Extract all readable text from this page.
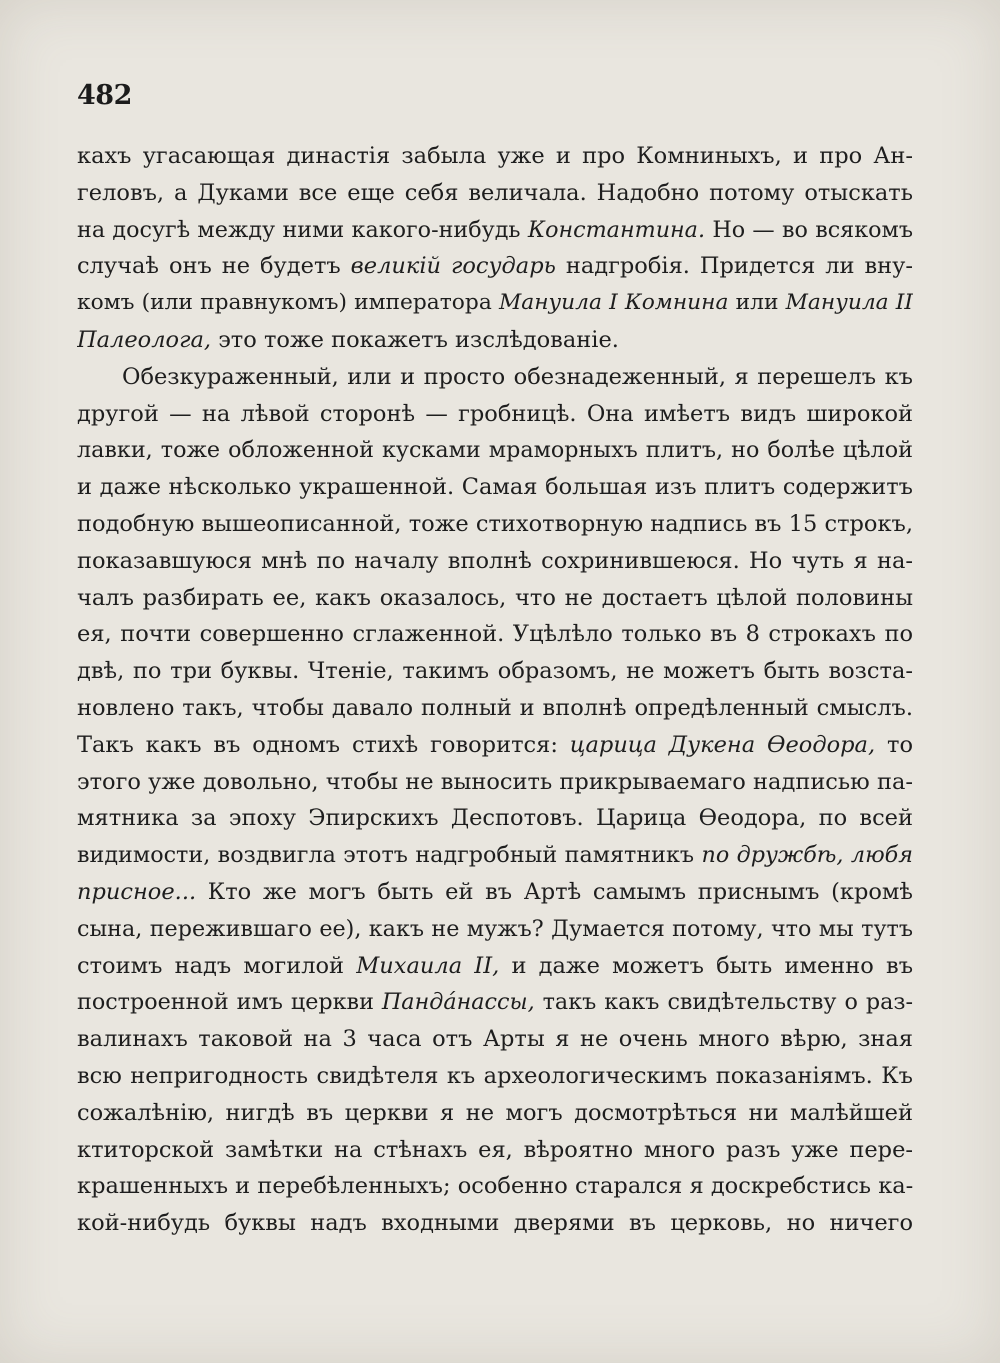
482
кахъ угасающая династія забыла уже и про Комниныхъ, и про Ан-
геловъ, а Дуками все еще себя величала. Надобно потому отыскать
на досугѣ между ними какого-нибудь Константина. Но — во всякомъ
случаѣ онъ не будетъ великій государь надгробія. Придется ли вну-
комъ (или правнукомъ) императора Мануила I Комнина или Мануила II
Палеолога, это тоже покажетъ изслѣдованіе.
Обезкураженный, или и просто обезнадеженный, я перешелъ къ
другой — на лѣвой сторонѣ — гробницѣ. Она имѣетъ видъ широкой
лавки, тоже обложенной кусками мраморныхъ плитъ, но болѣе цѣлой
и даже нѣсколько украшенной. Самая большая изъ плитъ содержитъ
подобную вышеописанной, тоже стихотворную надпись въ 15 строкъ,
показавшуюся мнѣ по началу вполнѣ сохринившеюся. Но чуть я на-
чалъ разбирать ее, какъ оказалось, что не достаетъ цѣлой половины
ея, почти совершенно сглаженной. Уцѣлѣло только въ 8 строкахъ по
двѣ, по три буквы. Чтеніе, такимъ образомъ, не можетъ быть возста-
новлено такъ, чтобы давало полный и вполнѣ опредѣленный смыслъ.
Такъ какъ въ одномъ стихѣ говорится: царица Дукена Ѳеодора, то
этого уже довольно, чтобы не выносить прикрываемаго надписью па-
мятника за эпоху Эпирскихъ Деспотовъ. Царица Ѳеодора, по всей
видимости, воздвигла этотъ надгробный памятникъ по дружбѣ, любя
присное... Кто же могъ быть ей въ Артѣ самымъ приснымъ (кромѣ
сына, пережившаго ее), какъ не мужъ? Думается потому, что мы тутъ
стоимъ надъ могилой Михаила II, и даже можетъ быть именно въ
построенной имъ церкви Пандáнассы, такъ какъ свидѣтельству о раз-
валинахъ таковой на 3 часа отъ Арты я не очень много вѣрю, зная
всю непригодность свидѣтеля къ археологическимъ показаніямъ. Къ
сожалѣнію, нигдѣ въ церкви я не могъ досмотрѣться ни малѣйшей
ктиторской замѣтки на стѣнахъ ея, вѣроятно много разъ уже пере-
крашенныхъ и перебѣленныхъ; особенно старался я доскребстись ка-
кой-нибудь буквы надъ входными дверями въ церковь, но ничего
